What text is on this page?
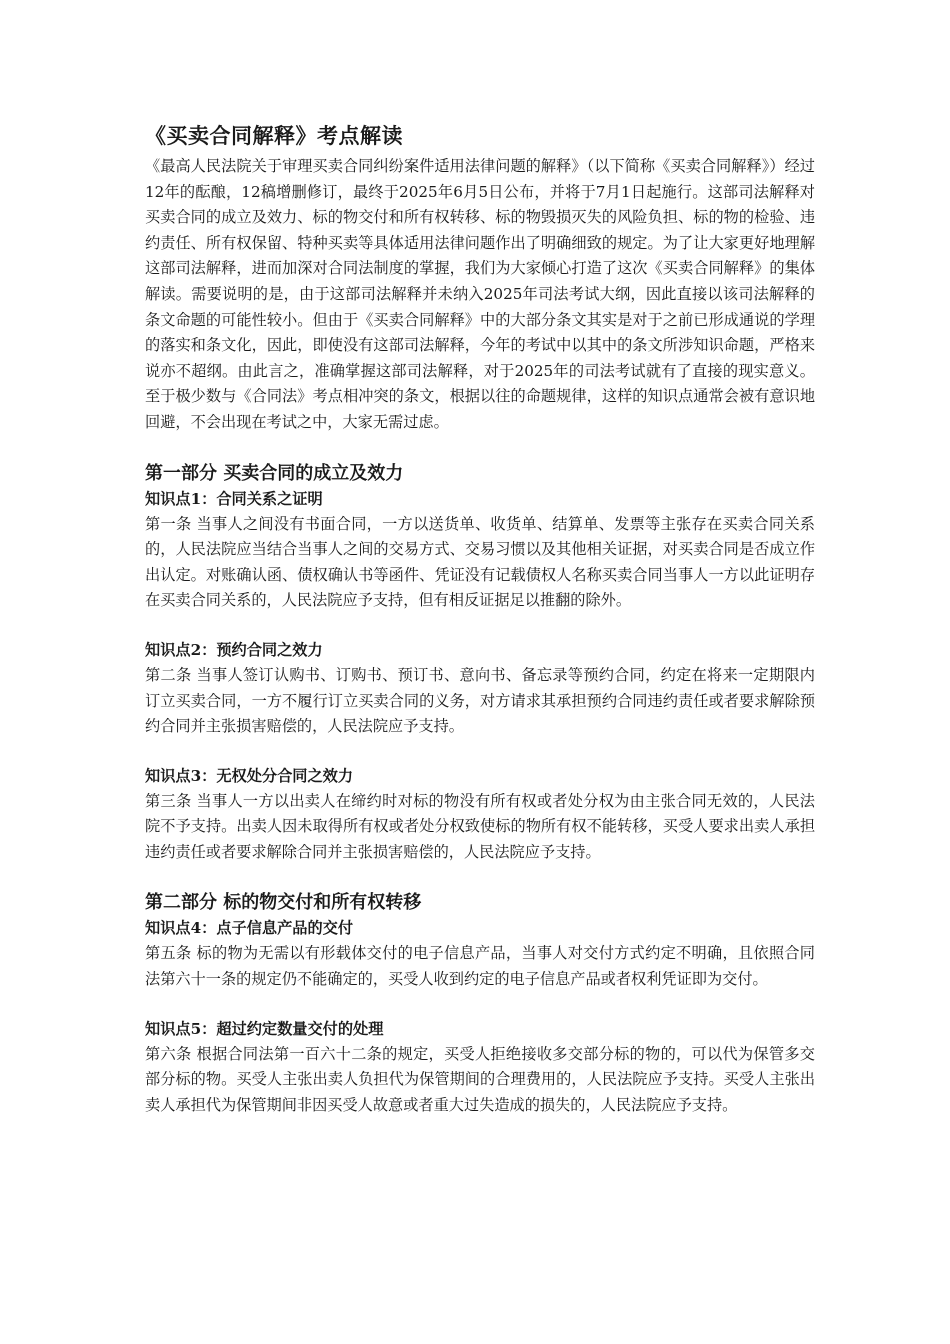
《买卖合同解释》考点解读

《最高人民法院关于审理买卖合同纠纷案件适用法律问题的解释》（以下简称《买卖合同解释》）经过12年的酝酿，12稿增删修订，最终于2025年6月5日公布，并将于7月1日起施行。这部司法解释对买卖合同的成立及效力、标的物交付和所有权转移、标的物毁损灭失的风险负担、标的物的检验、违约责任、所有权保留、特种买卖等具体适用法律问题作出了明确细致的规定。为了让大家更好地理解这部司法解释，进而加深对合同法制度的掌握，我们为大家倾心打造了这次《买卖合同解释》的集体解读。需要说明的是，由于这部司法解释并未纳入2025年司法考试大纲，因此直接以该司法解释的条文命题的可能性较小。但由于《买卖合同解释》中的大部分条文其实是对于之前已形成通说的学理的落实和条文化，因此，即使没有这部司法解释，今年的考试中以其中的条文所涉知识命题，严格来说亦不超纲。由此言之，准确掌握这部司法解释，对于2025年的司法考试就有了直接的现实意义。至于极少数与《合同法》考点相冲突的条文，根据以往的命题规律，这样的知识点通常会被有意识地回避，不会出现在考试之中，大家无需过虑。

第一部分 买卖合同的成立及效力
知识点1：合同关系之证明

第一条 当事人之间没有书面合同，一方以送货单、收货单、结算单、发票等主张存在买卖合同关系的，人民法院应当结合当事人之间的交易方式、交易习惯以及其他相关证据，对买卖合同是否成立作出认定。对账确认函、债权确认书等函件、凭证没有记载债权人名称买卖合同当事人一方以此证明存在买卖合同关系的，人民法院应予支持，但有相反证据足以推翻的除外。

知识点2：预约合同之效力

第二条 当事人签订认购书、订购书、预订书、意向书、备忘录等预约合同，约定在将来一定期限内订立买卖合同，一方不履行订立买卖合同的义务，对方请求其承担预约合同违约责任或者要求解除预约合同并主张损害赔偿的，人民法院应予支持。

知识点3：无权处分合同之效力

第三条 当事人一方以出卖人在缔约时对标的物没有所有权或者处分权为由主张合同无效的，人民法院不予支持。出卖人因未取得所有权或者处分权致使标的物所有权不能转移，买受人要求出卖人承担违约责任或者要求解除合同并主张损害赔偿的，人民法院应予支持。

第二部分 标的物交付和所有权转移
知识点4：点子信息产品的交付

第五条 标的物为无需以有形载体交付的电子信息产品，当事人对交付方式约定不明确，且依照合同法第六十一条的规定仍不能确定的，买受人收到约定的电子信息产品或者权利凭证即为交付。

知识点5：超过约定数量交付的处理

第六条 根据合同法第一百六十二条的规定，买受人拒绝接收多交部分标的物的，可以代为保管多交部分标的物。买受人主张出卖人负担代为保管期间的合理费用的，人民法院应予支持。买受人主张出卖人承担代为保管期间非因买受人故意或者重大过失造成的损失的，人民法院应予支持。
